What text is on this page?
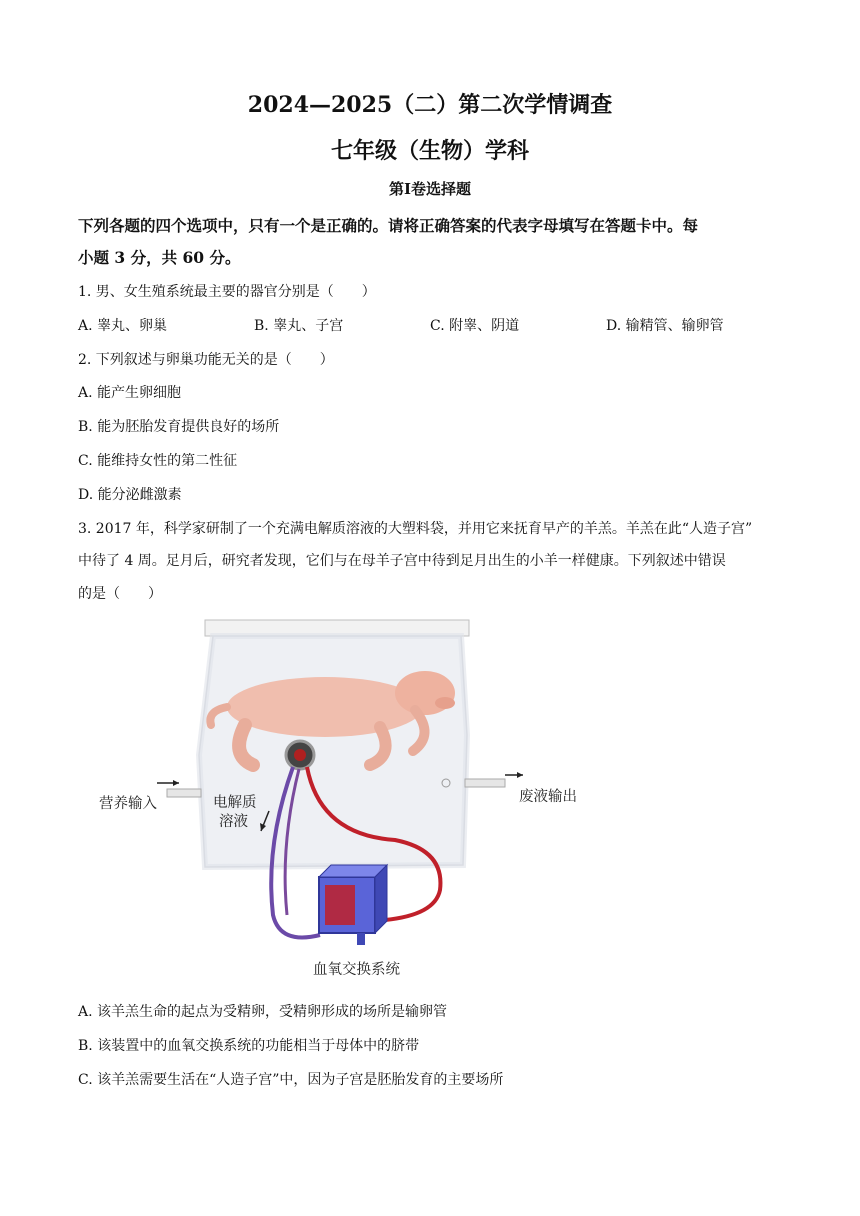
2024—2025（二）第二次学情调查
七年级（生物）学科
第Ⅰ卷选择题
下列各题的四个选项中，只有一个是正确的。请将正确答案的代表字母填写在答题卡中。每
小题 3 分，共 60 分。
1. 男、女生殖系统最主要的器官分别是（　　）
A. 睾丸、卵巢	B. 睾丸、子宫	C. 附睾、阴道	D. 输精管、输卵管
2. 下列叙述与卵巢功能无关的是（　　）
A. 能产生卵细胞
B. 能为胚胎发育提供良好的场所
C. 能维持女性的第二性征
D. 能分泌雌激素
3. 2017 年，科学家研制了一个充满电解质溶液的大塑料袋，并用它来抚育早产的羊羔。羊羔在此“人造子宫”
中待了 4 周。足月后，研究者发现，它们与在母羊子宫中待到足月出生的小羊一样健康。下列叙述中错误
的是（　　）
营养输入	电解质
溶液
废液输出
血氧交换系统
A. 该羊羔生命的起点为受精卵，受精卵形成的场所是输卵管
B. 该装置中的血氧交换系统的功能相当于母体中的脐带
C. 该羊羔需要生活在“人造子宫”中，因为子宫是胚胎发育的主要场所
